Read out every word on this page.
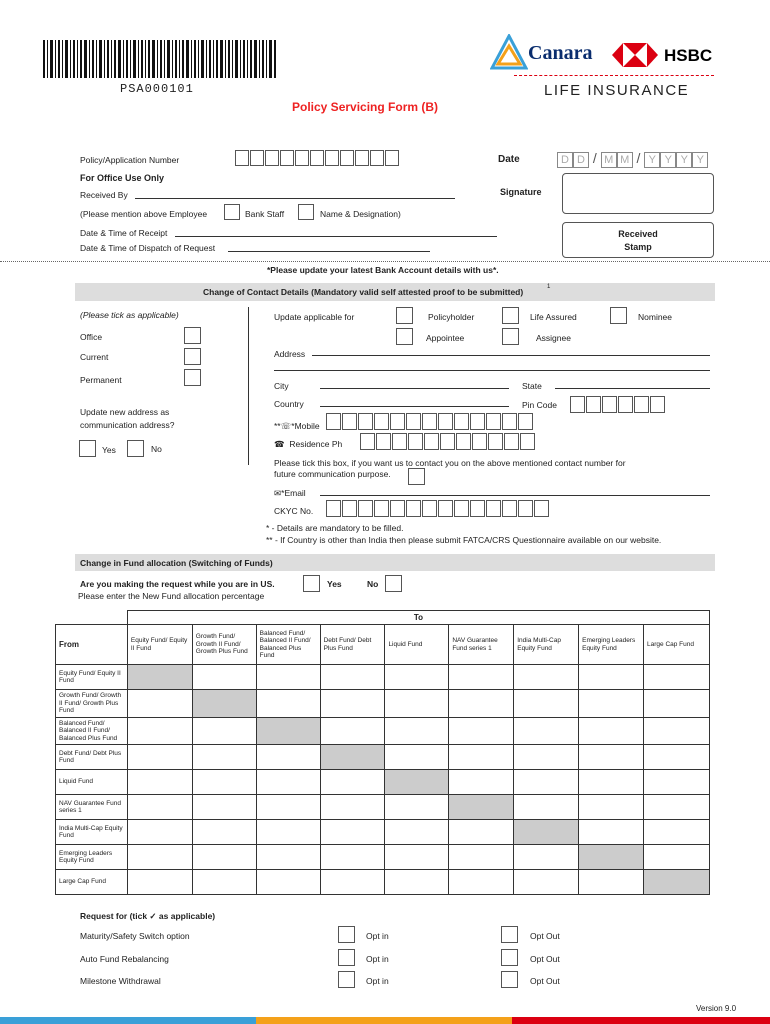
PSA000101
Canara	HSBC
LIFE INSURANCE
Policy Servicing Form (B)
Policy/Application Number	Date	D D / M M / Y Y Y Y
For Office Use Only
Received By	Signature
(Please mention above Employee	Bank Staff	Name & Designation)
Date & Time of Receipt
Date & Time of Dispatch of Request
Received
Stamp
*Please update your latest Bank Account details with us*.
Change of Contact Details (Mandatory valid self attested proof to be submitted)	1
(Please tick as applicable)
Office
Current
Permanent
Update new address as
communication address?
Yes	No
Update applicable for	Policyholder	Life Assured	Nominee
Appointee	Assignee
Address
City	State
Country	Pin Code
**☏*Mobile
☎ Residence Ph
Please tick this box, if you want us to contact you on the above mentioned contact number for
future communication purpose.
✉*Email
CKYC No.
* - Details are mandatory to be filled.
** - If Country is other than India then please submit FATCA/CRS Questionnaire available on our website.
Change in Fund allocation (Switching of Funds)
Are you making the request while you are in US.	Yes	No
Please enter the New Fund allocation percentage
	To								
From	Equity Fund/ Equity II Fund	Growth Fund/ Growth II Fund/ Growth Plus Fund	Balanced Fund/ Balanced II Fund/ Balanced Plus Fund	Debt Fund/ Debt Plus Fund	Liquid Fund	NAV Guarantee Fund series 1	India Multi-Cap Equity Fund	Emerging Leaders Equity Fund	Large Cap Fund
Equity Fund/ Equity II Fund									
Growth Fund/ Growth II Fund/ Growth Plus Fund									
Balanced Fund/ Balanced II Fund/ Balanced Plus Fund									
Debt Fund/ Debt Plus Fund									
Liquid Fund									
NAV Guarantee Fund series 1									
India Multi-Cap Equity Fund									
Emerging Leaders Equity Fund									
Large Cap Fund									
Request for (tick ✓ as applicable)
Maturity/Safety Switch option	Opt in	Opt Out
Auto Fund Rebalancing	Opt in	Opt Out
Milestone Withdrawal	Opt in	Opt Out
Version 9.0
